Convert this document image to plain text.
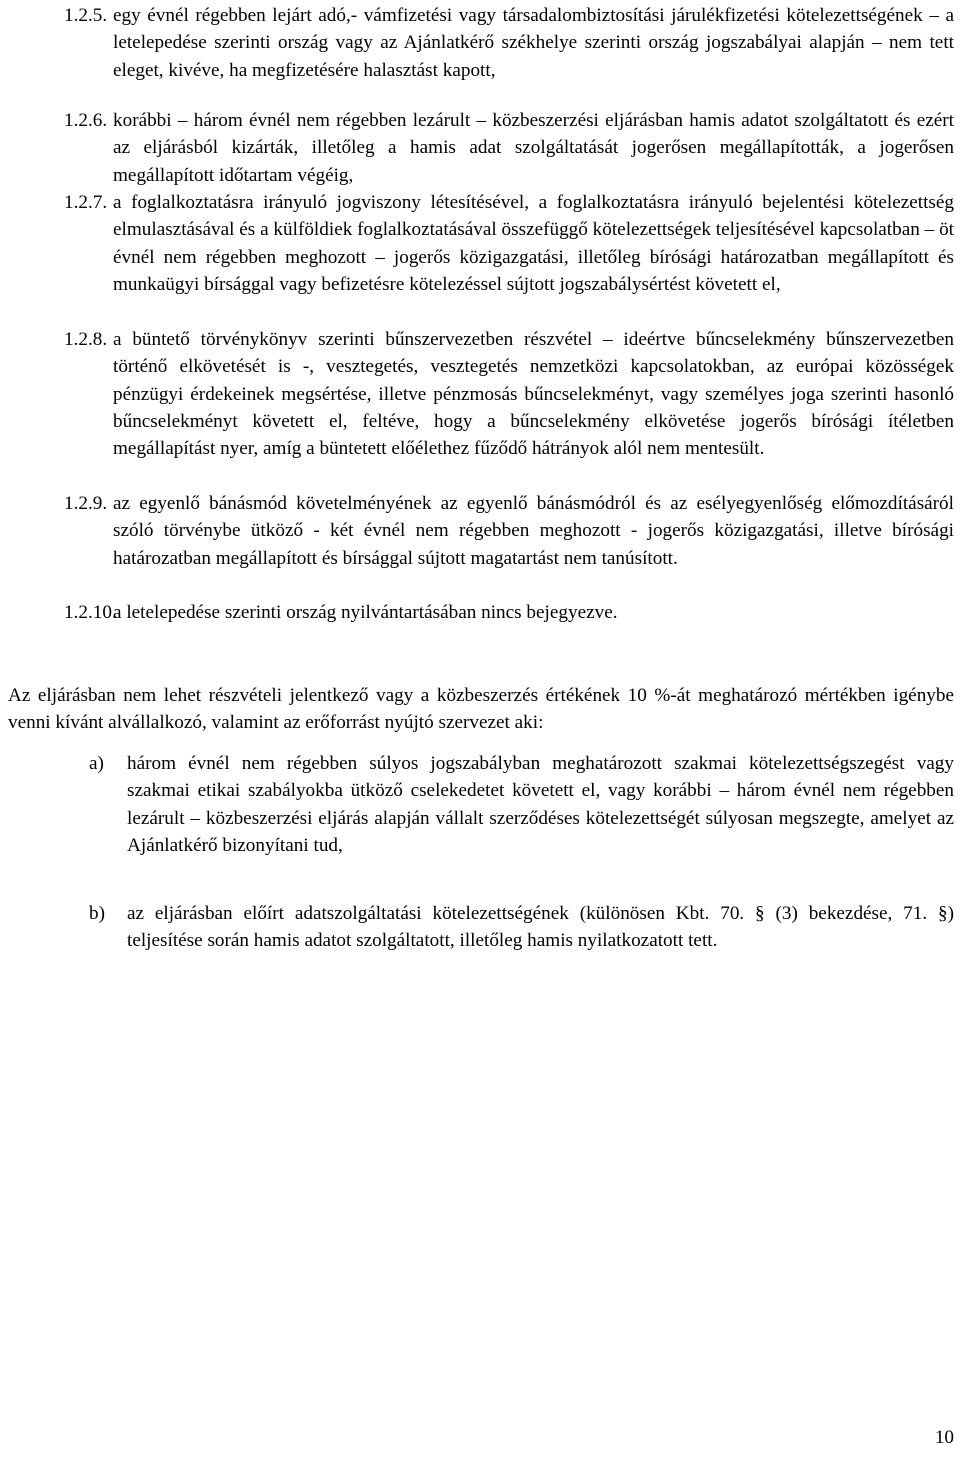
1.2.5. egy évnél régebben lejárt adó,- vámfizetési vagy társadalombiztosítási járulékfizetési kötelezettségének – a letelepedése szerinti ország vagy az Ajánlatkérő székhelye szerinti ország jogszabályai alapján – nem tett eleget, kivéve, ha megfizetésére halasztást kapott,
1.2.6. korábbi – három évnél nem régebben lezárult – közbeszerzési eljárásban hamis adatot szolgáltatott és ezért az eljárásból kizárták, illetőleg a hamis adat szolgáltatását jogerősen megállapították, a jogerősen megállapított időtartam végéig,
1.2.7. a foglalkoztatásra irányuló jogviszony létesítésével, a foglalkoztatásra irányuló bejelentési kötelezettség elmulasztásával és a külföldiek foglalkoztatásával összefüggő kötelezettségek teljesítésével kapcsolatban – öt évnél nem régebben meghozott – jogerős közigazgatási, illetőleg bírósági határozatban megállapított és munkaügyi bírsággal vagy befizetésre kötelezéssel sújtott jogszabálysértést követett el,
1.2.8. a büntető törvénykönyv szerinti bűnszervezetben részvétel – ideértve bűncselekmény bűnszervezetben történő elkövetését is -, vesztegetés, vesztegetés nemzetközi kapcsolatokban, az európai közösségek pénzügyi érdekeinek megsértése, illetve pénzmosás bűncselekményt, vagy személyes joga szerinti hasonló bűncselekményt követett el, feltéve, hogy a bűncselekmény elkövetése jogerős bírósági ítéletben megállapítást nyer, amíg a büntetett előélethez fűződő hátrányok alól nem mentesült.
1.2.9. az egyenlő bánásmód követelményének az egyenlő bánásmódról és az esélyegyenlőség előmozdításáról szóló törvénybe ütköző - két évnél nem régebben meghozott - jogerős közigazgatási, illetve bírósági határozatban megállapított és bírsággal sújtott magatartást nem tanúsított.
1.2.10.a letelepedése szerinti ország nyilvántartásában nincs bejegyezve.
Az eljárásban nem lehet részvételi jelentkező vagy a közbeszerzés értékének 10 %-át meghatározó mértékben igénybe venni kívánt alvállalkozó, valamint az erőforrást nyújtó szervezet aki:
a) három évnél nem régebben súlyos jogszabályban meghatározott szakmai kötelezettségszegést vagy szakmai etikai szabályokba ütköző cselekedetet követett el, vagy korábbi – három évnél nem régebben lezárult – közbeszerzési eljárás alapján vállalt szerződéses kötelezettségét súlyosan megszegte, amelyet az Ajánlatkérő bizonyítani tud,
b) az eljárásban előírt adatszolgáltatási kötelezettségének (különösen Kbt. 70. § (3) bekezdése, 71. §) teljesítése során hamis adatot szolgáltatott, illetőleg hamis nyilatkozatott tett.
10
